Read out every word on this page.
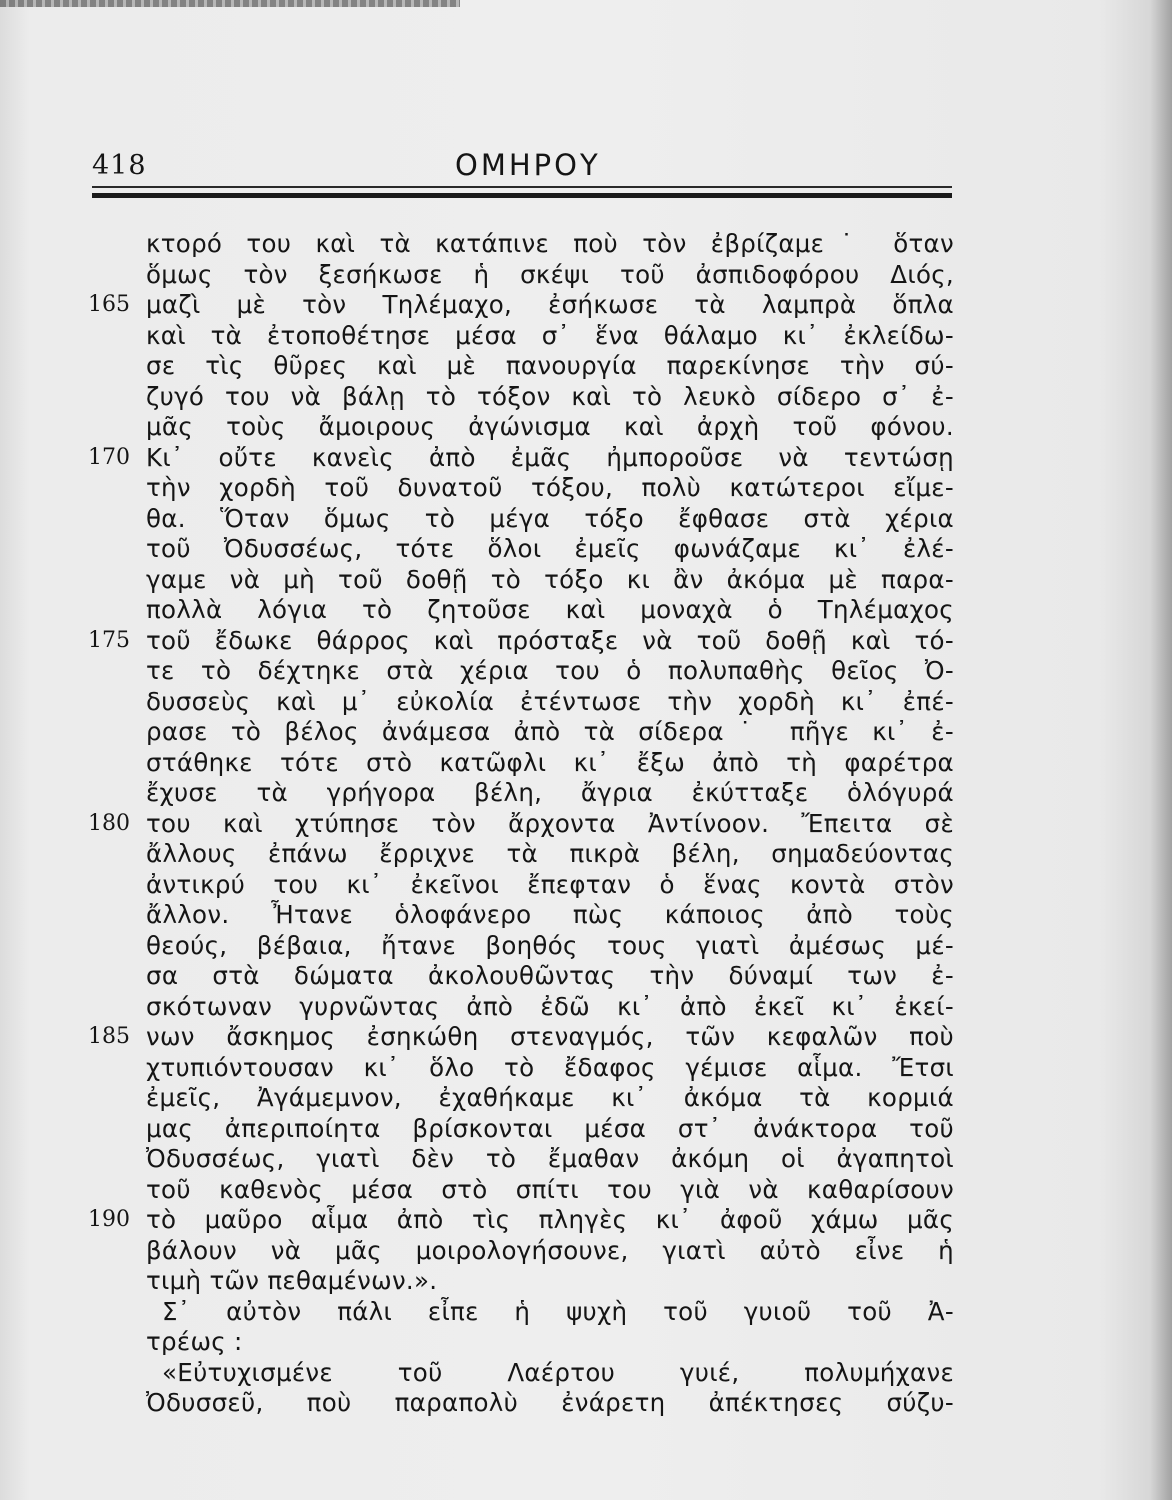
418	ΟΜΗΡΟΥ
κτορό του καὶ τὰ κατάπινε ποὺ τὸν ἐβρίζαμε˙ ὅταν
ὅμως τὸν ξεσήκωσε ἡ σκέψι τοῦ ἀσπιδοφόρου Διός,
165 μαζὶ μὲ τὸν Τηλέμαχο, ἐσήκωσε τὰ λαμπρὰ ὅπλα
καὶ τὰ ἐτοποθέτησε μέσα σ᾽ ἕνα θάλαμο κι᾽ ἐκλείδω-
σε τὶς θῦρες καὶ μὲ πανουργία παρεκίνησε τὴν σύ-
ζυγό του νὰ βάλῃ τὸ τόξον καὶ τὸ λευκὸ σίδερο σ᾽ ἐ-
μᾶς τοὺς ἄμοιρους ἀγώνισμα καὶ ἀρχὴ τοῦ φόνου.
170 Κι᾽ οὔτε κανεὶς ἀπὸ ἐμᾶς ἠμποροῦσε νὰ τεντώσῃ
τὴν χορδὴ τοῦ δυνατοῦ τόξου, πολὺ κατώτεροι εἴμε-
θα. Ὅταν ὅμως τὸ μέγα τόξο ἔφθασε στὰ χέρια
τοῦ Ὀδυσσέως, τότε ὅλοι ἐμεῖς φωνάζαμε κι᾽ ἐλέ-
γαμε νὰ μὴ τοῦ δοθῇ τὸ τόξο κι ἂν ἀκόμα μὲ παρα-
πολλὰ λόγια τὸ ζητοῦσε καὶ μοναχὰ ὁ Τηλέμαχος
175 τοῦ ἔδωκε θάρρος καὶ πρόσταξε νὰ τοῦ δοθῇ καὶ τό-
τε τὸ δέχτηκε στὰ χέρια του ὁ πολυπαθὴς θεῖος Ὀ-
δυσσεὺς καὶ μ᾽ εὐκολία ἐτέντωσε τὴν χορδὴ κι᾽ ἐπέ-
ρασε τὸ βέλος ἀνάμεσα ἀπὸ τὰ σίδερα˙ πῆγε κι᾽ ἐ-
στάθηκε τότε στὸ κατῶφλι κι᾽ ἔξω ἀπὸ τὴ φαρέτρα
ἔχυσε τὰ γρήγορα βέλη, ἄγρια ἐκύτταξε ὁλόγυρά
180 του καὶ χτύπησε τὸν ἄρχοντα Ἀντίνοον. Ἔπειτα σὲ
ἄλλους ἐπάνω ἔρριχνε τὰ πικρὰ βέλη, σημαδεύοντας
ἀντικρύ του κι᾽ ἐκεῖνοι ἔπεφταν ὁ ἕνας κοντὰ στὸν
ἄλλον. Ἦτανε ὁλοφάνερο πὼς κάποιος ἀπὸ τοὺς
θεούς, βέβαια, ἤτανε βοηθός τους γιατὶ ἀμέσως μέ-
σα στὰ δώματα ἀκολουθῶντας τὴν δύναμί των ἐ-
σκότωναν γυρνῶντας ἀπὸ ἐδῶ κι᾽ ἀπὸ ἐκεῖ κι᾽ ἐκεί-
185 νων ἄσκημος ἐσηκώθη στεναγμός, τῶν κεφαλῶν ποὺ
χτυπιόντουσαν κι᾽ ὅλο τὸ ἔδαφος γέμισε αἷμα. Ἔτσι
ἐμεῖς, Ἀγάμεμνον, ἐχαθήκαμε κι᾽ ἀκόμα τὰ κορμιά
μας ἀπεριποίητα βρίσκονται μέσα στ᾽ ἀνάκτορα τοῦ
Ὀδυσσέως, γιατὶ δὲν τὸ ἔμαθαν ἀκόμη οἱ ἀγαπητοὶ
τοῦ καθενὸς μέσα στὸ σπίτι του γιὰ νὰ καθαρίσουν
190 τὸ μαῦρο αἷμα ἀπὸ τὶς πληγὲς κι᾽ ἀφοῦ χάμω μᾶς
βάλουν νὰ μᾶς μοιρολογήσουνε, γιατὶ αὐτὸ εἶνε ἡ
τιμὴ τῶν πεθαμένων.».
Σ᾽ αὐτὸν πάλι εἶπε ἡ ψυχὴ τοῦ γυιοῦ τοῦ Ἀ-
τρέως :
«Εὐτυχισμένε τοῦ Λαέρτου γυιέ, πολυμήχανε
Ὀδυσσεῦ, ποὺ παραπολὺ ἐνάρετη ἀπέκτησες σύζυ-
